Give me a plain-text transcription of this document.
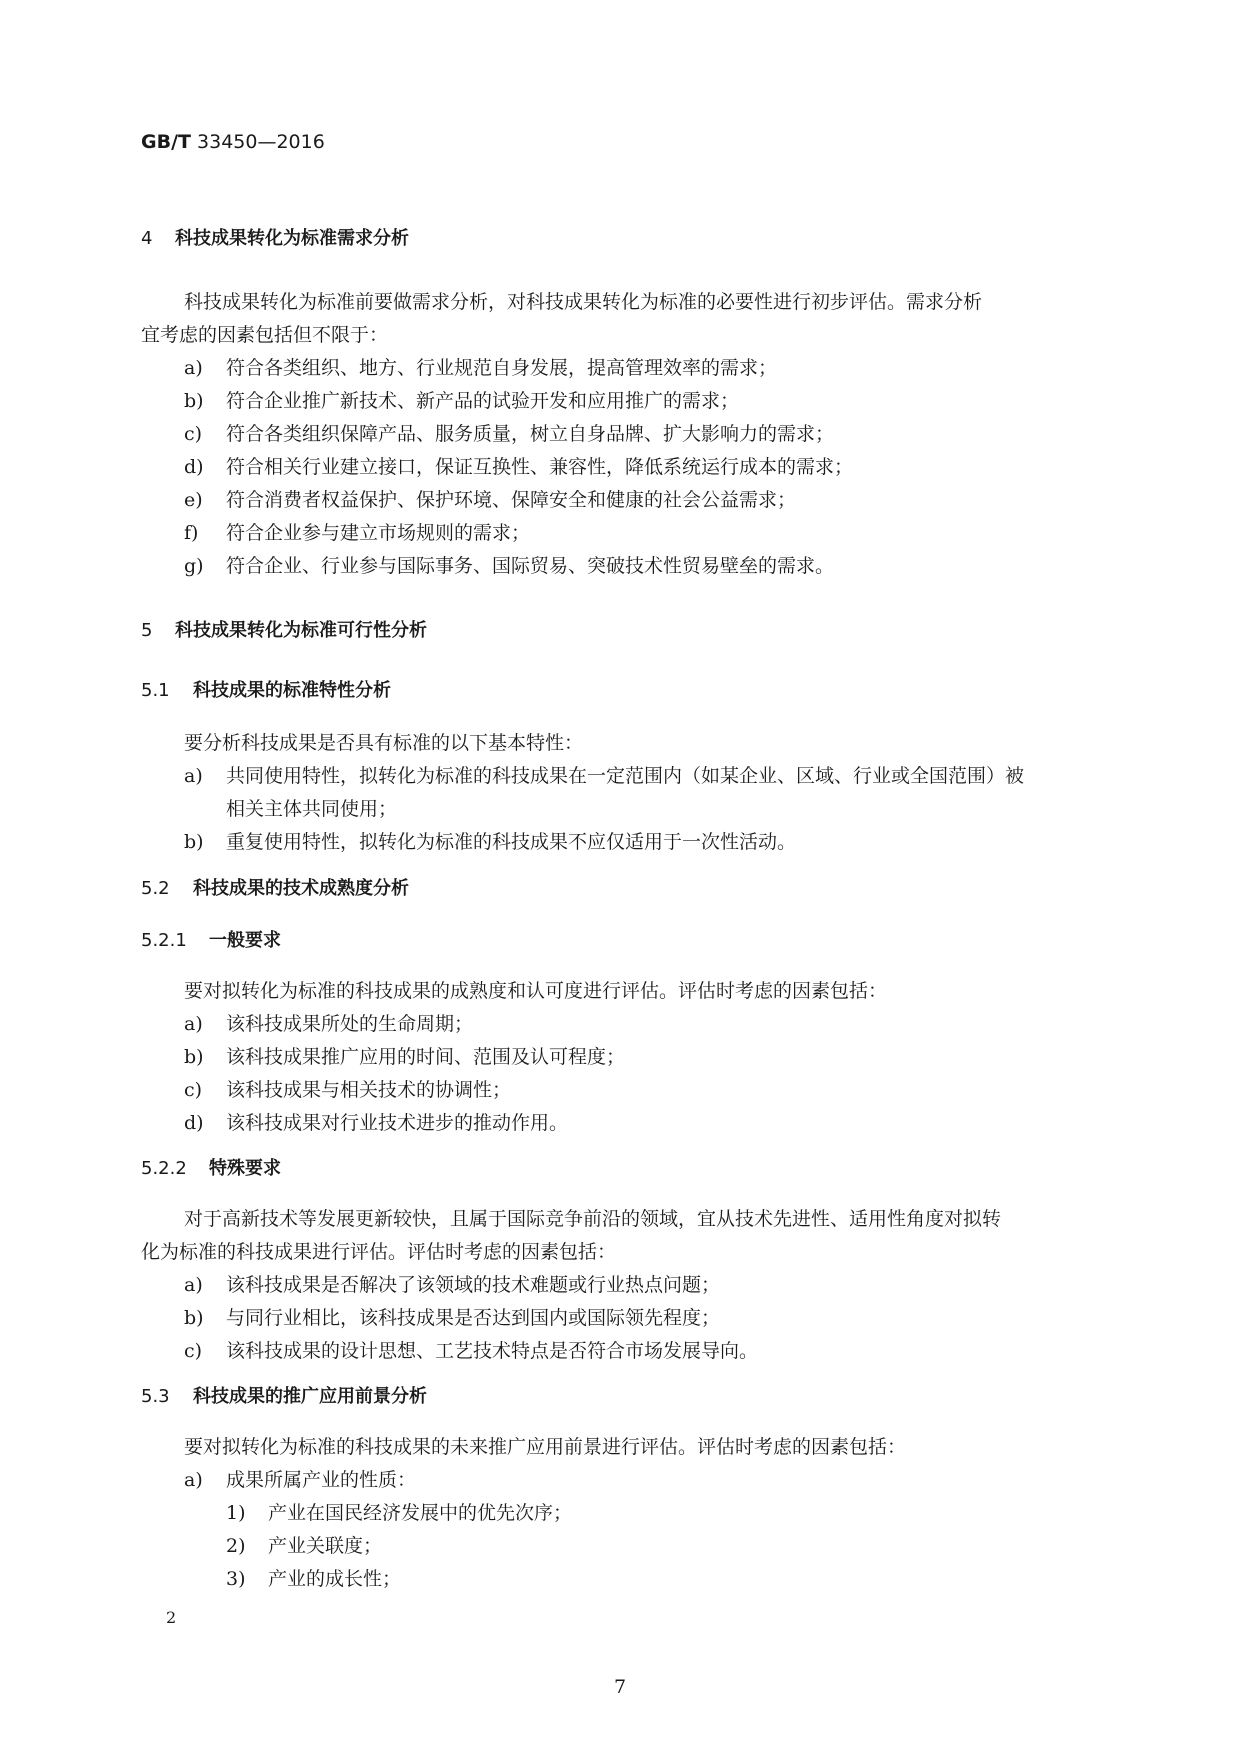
GB/T 33450—2016
4 科技成果转化为标准需求分析
科技成果转化为标准前要做需求分析，对科技成果转化为标准的必要性进行初步评估。需求分析
宜考虑的因素包括但不限于：
a) 符合各类组织、地方、行业规范自身发展，提高管理效率的需求；
b) 符合企业推广新技术、新产品的试验开发和应用推广的需求；
c) 符合各类组织保障产品、服务质量，树立自身品牌、扩大影响力的需求；
d) 符合相关行业建立接口，保证互换性、兼容性，降低系统运行成本的需求；
e) 符合消费者权益保护、保护环境、保障安全和健康的社会公益需求；
f) 符合企业参与建立市场规则的需求；
g) 符合企业、行业参与国际事务、国际贸易、突破技术性贸易壁垒的需求。
5 科技成果转化为标准可行性分析
5.1 科技成果的标准特性分析
要分析科技成果是否具有标准的以下基本特性：
a) 共同使用特性，拟转化为标准的科技成果在一定范围内（如某企业、区域、行业或全国范围）被
相关主体共同使用；
b) 重复使用特性，拟转化为标准的科技成果不应仅适用于一次性活动。
5.2 科技成果的技术成熟度分析
5.2.1 一般要求
要对拟转化为标准的科技成果的成熟度和认可度进行评估。评估时考虑的因素包括：
a) 该科技成果所处的生命周期；
b) 该科技成果推广应用的时间、范围及认可程度；
c) 该科技成果与相关技术的协调性；
d) 该科技成果对行业技术进步的推动作用。
5.2.2 特殊要求
对于高新技术等发展更新较快，且属于国际竞争前沿的领域，宜从技术先进性、适用性角度对拟转
化为标准的科技成果进行评估。评估时考虑的因素包括：
a) 该科技成果是否解决了该领域的技术难题或行业热点问题；
b) 与同行业相比，该科技成果是否达到国内或国际领先程度；
c) 该科技成果的设计思想、工艺技术特点是否符合市场发展导向。
5.3 科技成果的推广应用前景分析
要对拟转化为标准的科技成果的未来推广应用前景进行评估。评估时考虑的因素包括：
a) 成果所属产业的性质：
1) 产业在国民经济发展中的优先次序；
2) 产业关联度；
3) 产业的成长性；
2
7
